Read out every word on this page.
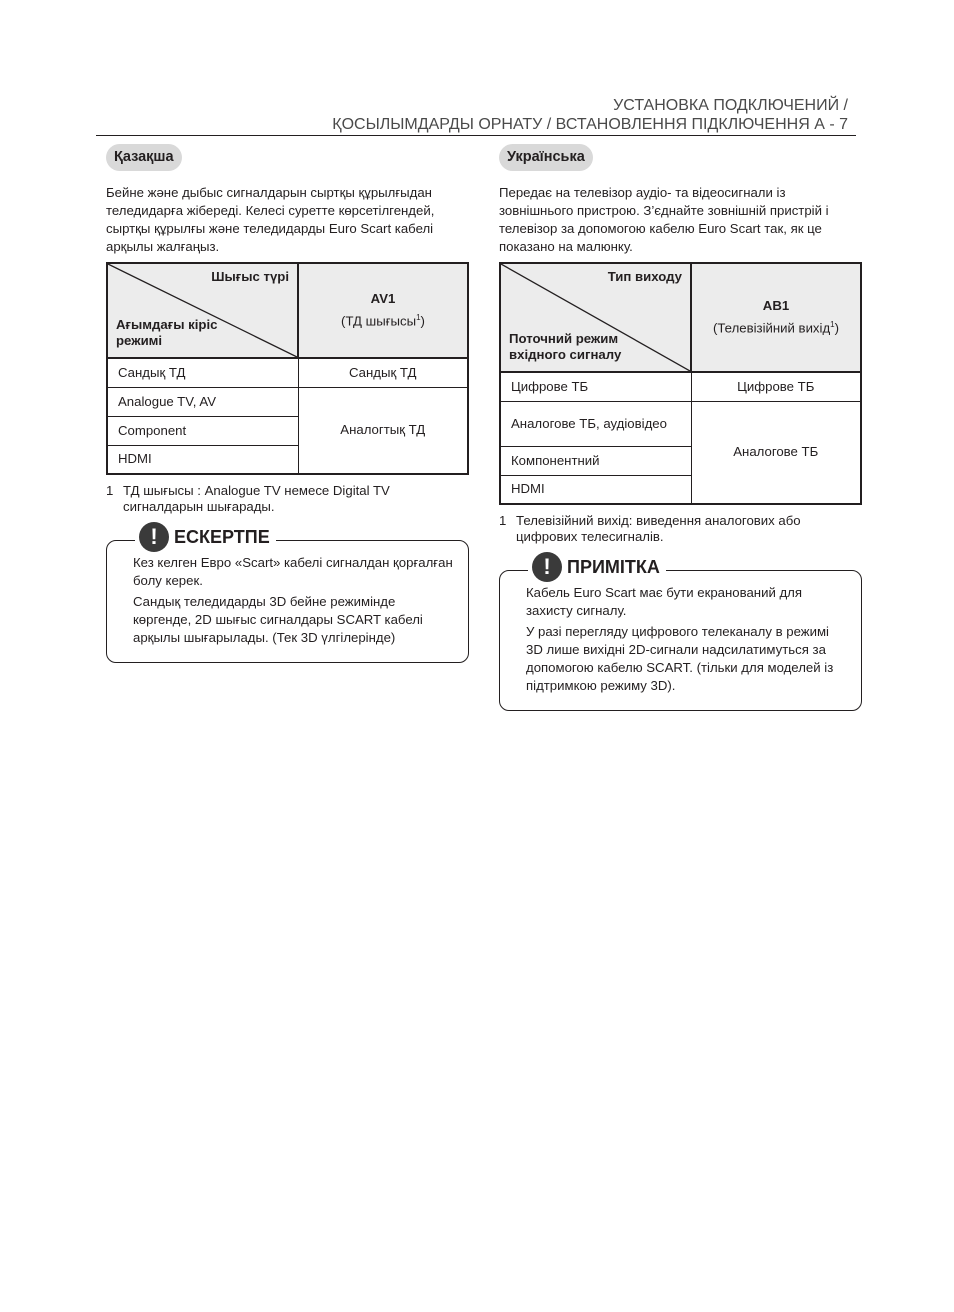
УСТАНОВКА ПОДКЛЮЧЕНИЙ /
ҚОСЫЛЫМДАРДЫ ОРНАТУ / ВСТАНОВЛЕННЯ ПІДКЛЮЧЕННЯ А - 7
Қазақша
Бейне және дыбыс сигналдарын сыртқы құрылғыдан теледидарға жібереді. Келесі суретте көрсетілгендей, сыртқы құрылғы және теледидарды Euro Scart кабелі арқылы жалғаңыз.
Шығыс түрі
Ағымдағы кіріс режимі	AV1
(ТД шығысы$^1$)

Сандық ТД	Сандық ТД
Analogue TV, AV	Аналогтық ТД
Component	
HDMI	
1 ТД шығысы : Analogue TV немесе Digital TV сигналдарын шығарады.
! ЕСКЕРТПЕ

Кез келген Евро «Scart» кабелі сигналдан қорғалған болу керек.

Сандық теледидарды 3D бейне режимінде көргенде, 2D шығыс сигналдары SCART кабелі арқылы шығарылады. (Тек 3D үлгілерінде)

Українська
Передає на телевізор аудіо- та відеосигнали із зовнішнього пристрою. З’єднайте зовнішній пристрій і телевізор за допомогою кабелю Euro Scart так, як це показано на малюнку.
Тип виходу
Поточний режим вхідного сигналу	АВ1
(Телевізійний вихід$^1$)

Цифрове ТБ	Цифрове ТБ
Аналогове ТБ, аудіовідео	Аналогове ТБ
Компонентний	
HDMI	
1 Телевізійний вихід: виведення аналогових або цифрових телесигналів.
! ПРИМІТКА

Кабель Euro Scart має бути екранований для захисту сигналу.

У разі перегляду цифрового телеканалу в режимі 3D лише вихідні 2D-сигнали надсилатимуться за допомогою кабелю SCART. (тільки для моделей із підтримкою режиму 3D).
